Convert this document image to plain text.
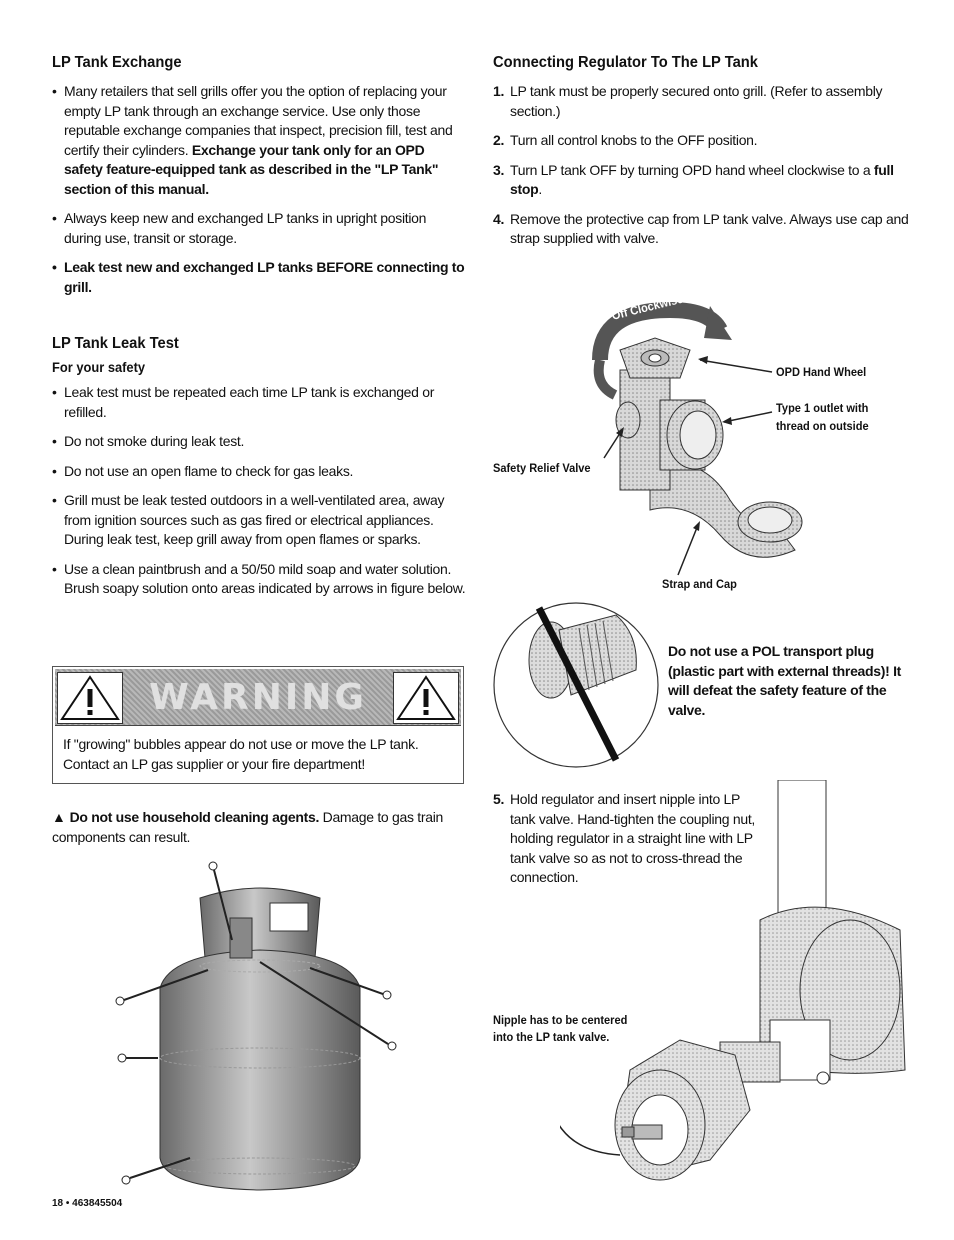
LP Tank Exchange
• Many retailers that sell grills offer you the option of replacing your empty LP tank through an exchange service. Use only those reputable exchange companies that inspect, precision fill, test and certify their cylinders. Exchange your tank only for an OPD safety feature-equipped tank as described in the "LP Tank" section of this manual.
• Always keep new and exchanged LP tanks in upright position during use, transit or storage.
• Leak test new and exchanged LP tanks BEFORE connecting to grill.
LP Tank Leak Test
For your safety
• Leak test must be repeated each time LP tank is exchanged or refilled.
• Do not smoke during leak test.
• Do not use an open flame to check for gas leaks.
• Grill must be leak tested outdoors in a well-ventilated area, away from ignition sources such as gas fired or electrical appliances. During leak test, keep grill away from open flames or sparks.
• Use a clean paintbrush and a 50/50 mild soap and water solution. Brush soapy solution onto areas indicated by arrows in figure below.
WARNING
If "growing" bubbles appear do not use or move the LP tank. Contact an LP gas supplier or your fire department!
▲ Do not use household cleaning agents. Damage to gas train components can result.
Connecting Regulator To The LP Tank
1. LP tank must be properly secured onto grill. (Refer to assembly section.)
2. Turn all control knobs to the OFF position.
3. Turn LP tank OFF by turning OPD hand wheel clockwise to a full stop.
4. Remove the protective cap from LP tank valve. Always use cap and strap supplied with valve.
Off Clockwise
OPD Hand Wheel
Type 1 outlet with
thread on outside
Safety Relief Valve
Strap and Cap
Do not use a POL transport plug (plastic part with external threads)! It will defeat the safety feature of the valve.
5. Hold regulator and insert nipple into LP tank valve. Hand-tighten the coupling nut, holding regulator in a straight line with LP tank valve so as not to cross-thread the connection.
Nipple has to be centered
into the LP tank valve.
18 • 463845504
